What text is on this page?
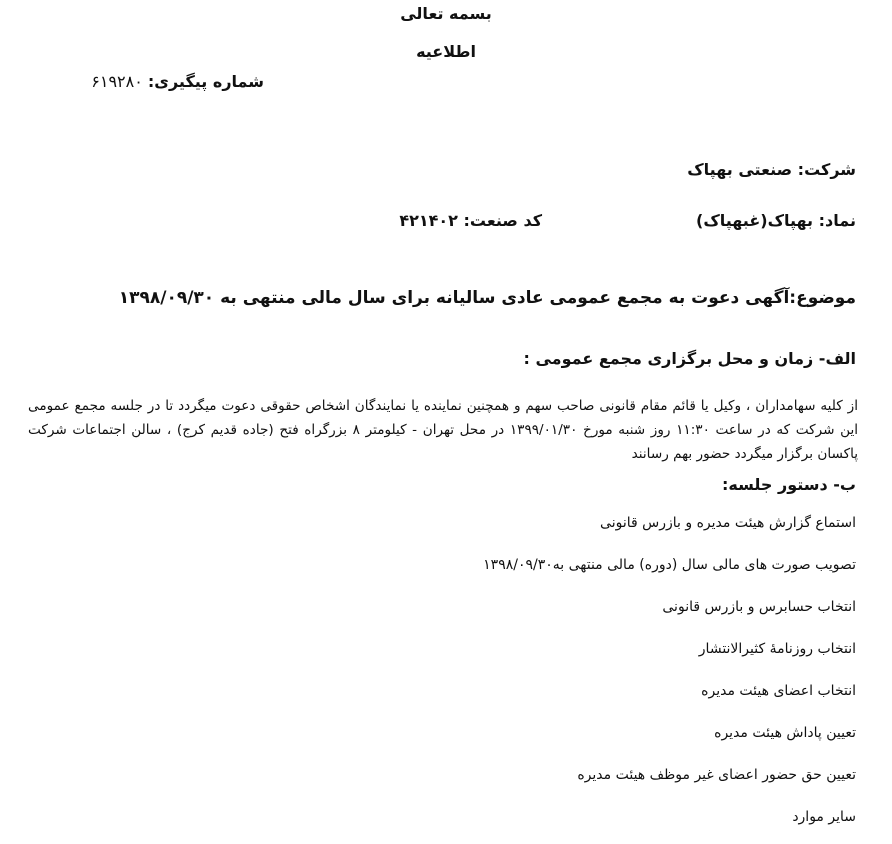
بسمه تعالی
اطلاعیه
شماره پیگیری: ۶۱۹۲۸۰
شرکت: صنعتی بهپاک
نماد: بهپاک(غبهپاک)
کد صنعت: ۴۲۱۴۰۲
موضوع:آگهی دعوت به مجمع عمومی عادی سالیانه برای سال مالی منتهی به ۱۳۹۸/۰۹/۳۰
الف- زمان و محل برگزاری مجمع عمومی :
از کلیه سهامداران ، وکیل یا قائم مقام قانونی صاحب سهم و همچنین نماینده یا نمایندگان اشخاص حقوقی دعوت میگردد تا در جلسه مجمع عمومی این شرکت که در ساعت ۱۱:۳۰ روز شنبه مورخ ۱۳۹۹/۰۱/۳۰ در محل تهران - کیلومتر ۸ بزرگراه فتح (جاده قدیم کرج) ، سالن اجتماعات شرکت پاکسان برگزار میگردد حضور بهم رسانند
ب- دستور جلسه:
استماع گزارش هیئت مدیره و بازرس قانونی
تصویب صورت های مالی سال (دوره) مالی منتهی به۱۳۹۸/۰۹/۳۰
انتخاب حسابرس و بازرس قانونی
انتخاب روزنامۀ کثیرالانتشار
انتخاب اعضای هیئت مدیره
تعیین پاداش هیئت مدیره
تعیین حق حضور اعضای غیر موظف هیئت مدیره
سایر موارد
